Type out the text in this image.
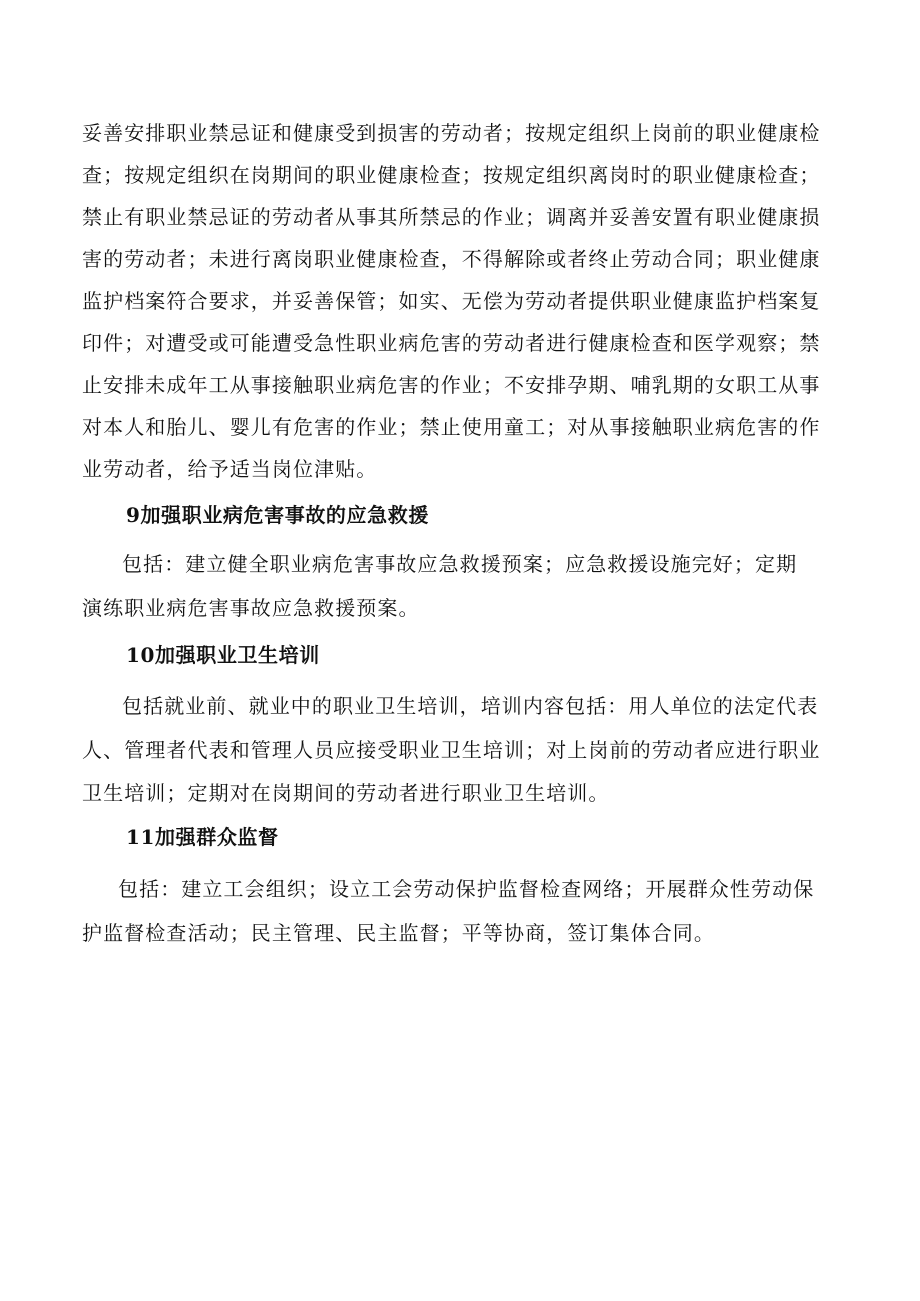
妥善安排职业禁忌证和健康受到损害的劳动者；按规定组织上岗前的职业健康检
查；按规定组织在岗期间的职业健康检查；按规定组织离岗时的职业健康检查；
禁止有职业禁忌证的劳动者从事其所禁忌的作业；调离并妥善安置有职业健康损
害的劳动者；未进行离岗职业健康检查，不得解除或者终止劳动合同；职业健康
监护档案符合要求，并妥善保管；如实、无偿为劳动者提供职业健康监护档案复
印件；对遭受或可能遭受急性职业病危害的劳动者进行健康检查和医学观察；禁
止安排未成年工从事接触职业病危害的作业；不安排孕期、哺乳期的女职工从事
对本人和胎儿、婴儿有危害的作业；禁止使用童工；对从事接触职业病危害的作
业劳动者，给予适当岗位津贴。
9加强职业病危害事故的应急救援
包括：建立健全职业病危害事故应急救援预案；应急救援设施完好；定期
演练职业病危害事故应急救援预案。
10加强职业卫生培训
包括就业前、就业中的职业卫生培训，培训内容包括：用人单位的法定代表
人、管理者代表和管理人员应接受职业卫生培训；对上岗前的劳动者应进行职业
卫生培训；定期对在岗期间的劳动者进行职业卫生培训。
11加强群众监督
包括：建立工会组织；设立工会劳动保护监督检查网络；开展群众性劳动保
护监督检查活动；民主管理、民主监督；平等协商，签订集体合同。
